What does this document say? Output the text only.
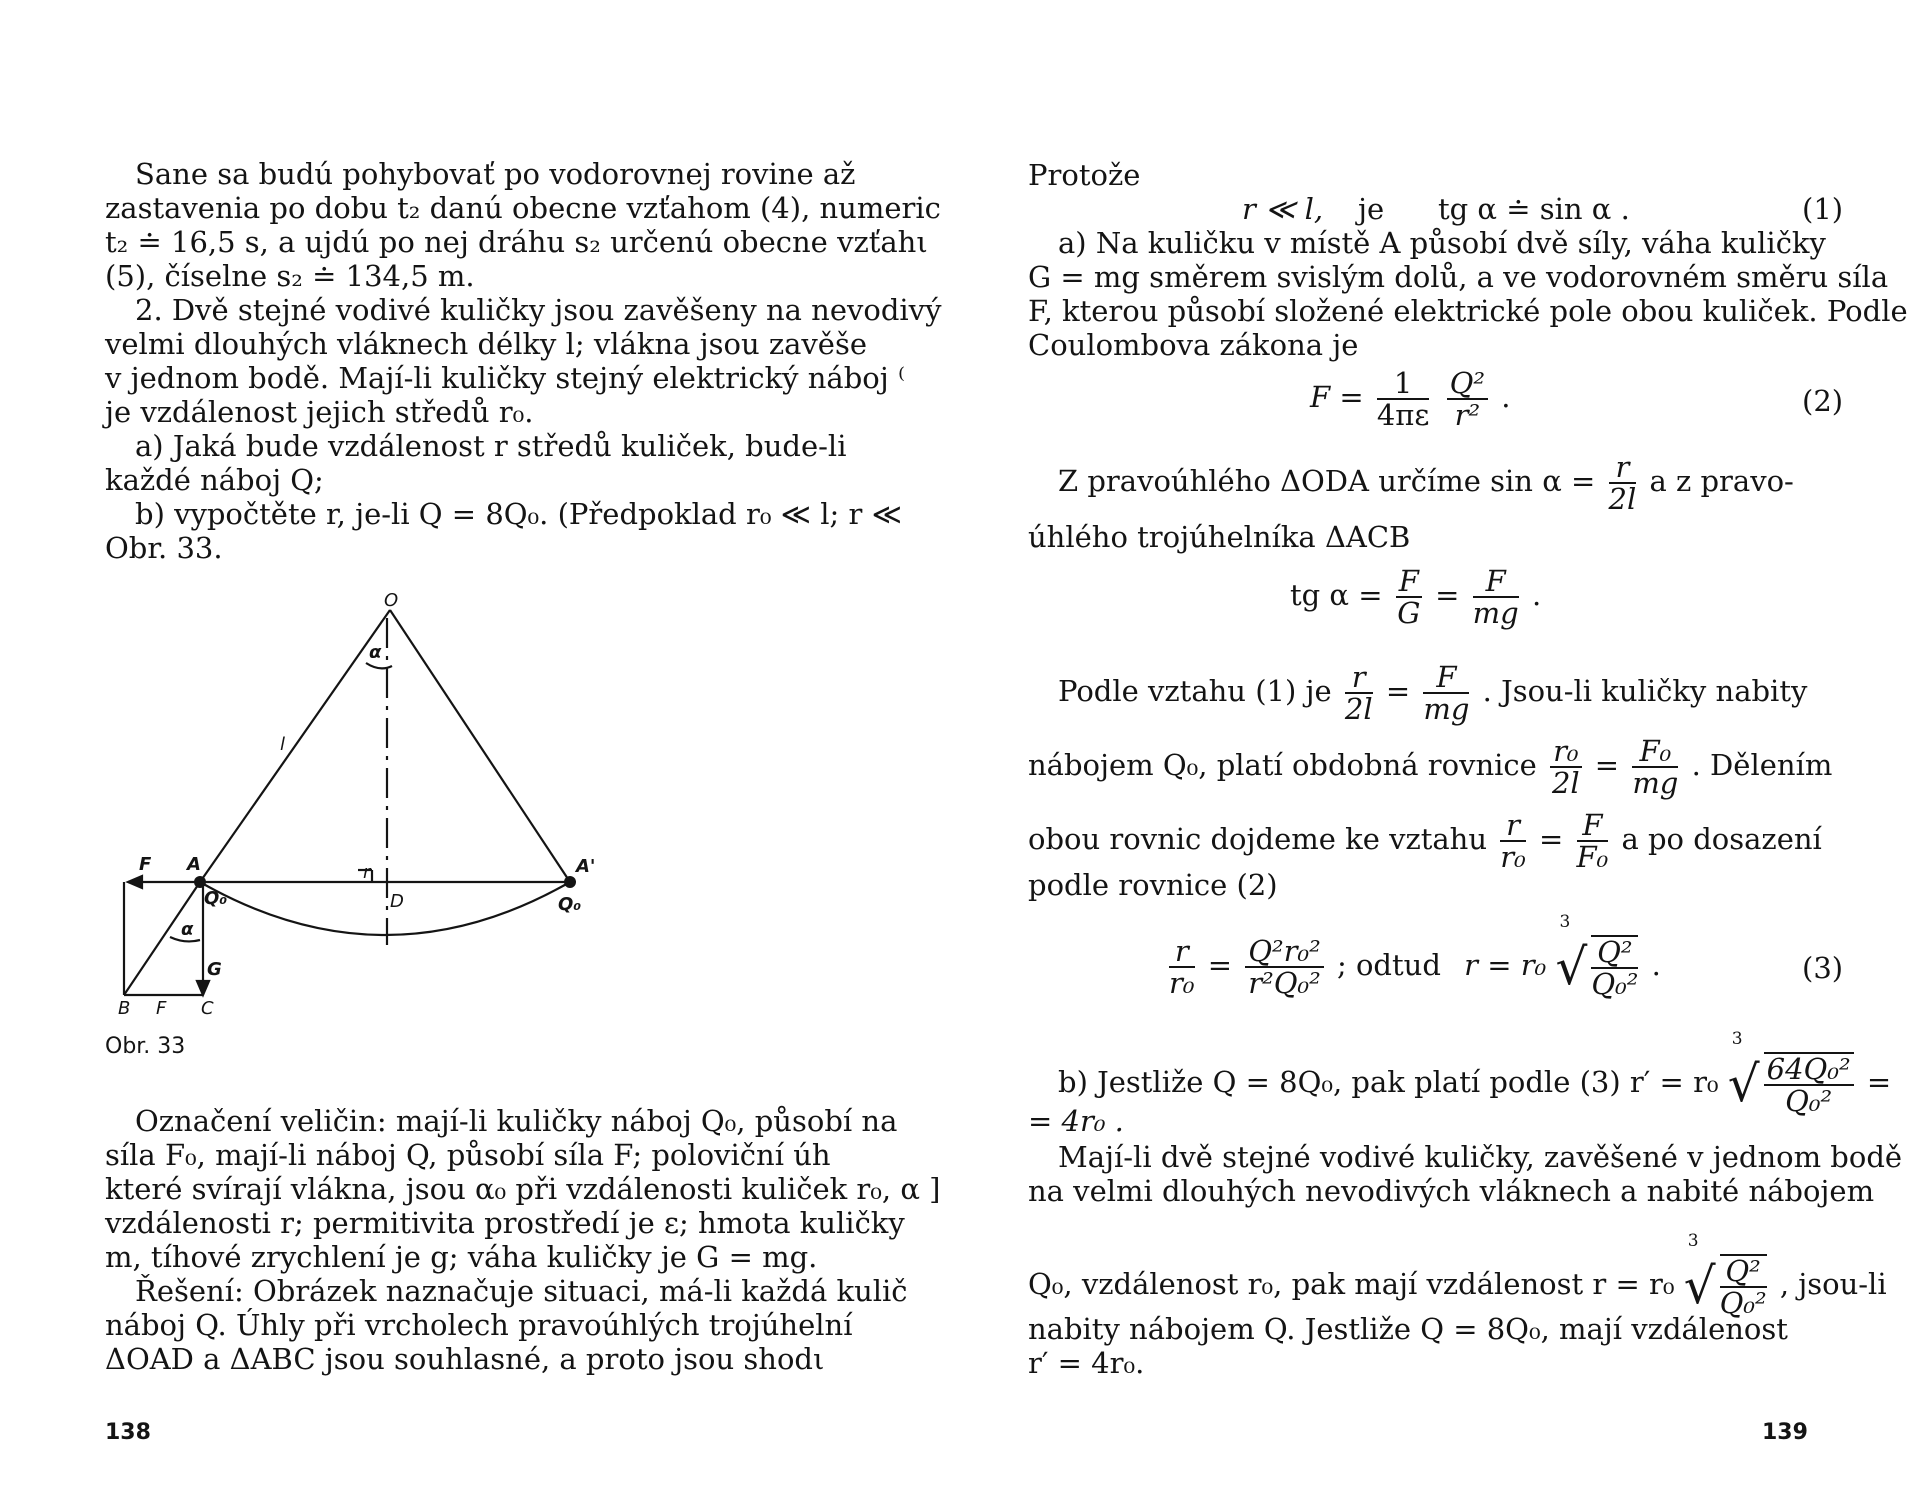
Sane sa budú pohybovať po vodorovnej rovine až
zastavenia po dobu t₂ danú obecne vzťahom (4), numeric
t₂ ≐ 16,5 s, a ujdú po nej dráhu s₂ určenú obecne vzťahι
(5), číselne s₂ ≐ 134,5 m.
2. Dvě stejné vodivé kuličky jsou zavěšeny na nevodivý
velmi dlouhých vláknech délky l; vlákna jsou zavěše
v jednom bodě. Mají-li kuličky stejný elektrický náboj ⁽
je vzdálenost jejich středů r₀.
a) Jaká bude vzdálenost r středů kuliček, bude-li
každé náboj Q;
b) vypočtěte r, je-li Q = 8Q₀. (Předpoklad r₀ ≪ l; r ≪
Obr. 33.
O
α
l
F A	A'
r
D
Q₀	Q₀
α
G
B F C
Obr. 33
Označení veličin: mají-li kuličky náboj Q₀, působí na
síla F₀, mají-li náboj Q, působí síla F; poloviční úh
které svírají vlákna, jsou α₀ při vzdálenosti kuliček r₀, α ]
vzdálenosti r; permitivita prostředí je ε; hmota kuličky
m, tíhové zrychlení je g; váha kuličky je G = mg.
Řešení: Obrázek naznačuje situaci, má-li každá kulič
náboj Q. Úhly při vrcholech pravoúhlých trojúhelní
ΔOAD a ΔABC jsou souhlasné, a proto jsou shodι
138
Protože
r ≪ l, je tg α ≐ sin α .	(1)
a) Na kuličku v místě A působí dvě síly, váha kuličky
G = mg směrem svislým dolů, a ve vodorovném směru síla
F, kterou působí složené elektrické pole obou kuliček. Podle
Coulombova zákona je
$F = \frac{1}{4\pi\varepsilon}$
$\frac{\text{Q²}}{\text{r²}}$ .	(2)
Z pravoúhlého ΔODA určíme $\sin \alpha = \frac{r}{2l}$ a z pravo-
úhlého trojúhelníka ΔACB
tg $\alpha = \frac{F}{G} = \frac{F}{mg}$ .
Podle vztahu (1) je $\frac{r}{2l} = \frac{F}{mg}$ . Jsou-li kuličky nabity
nábojem Q₀, platí obdobná rovnice $\frac{\text{r₀}}{2l} = \frac{\text{F₀}}{mg}$ . Dělením
obou rovnic dojdeme ke vztahu $\frac{r}{\text{r₀}} = \frac{F}{\text{F₀}}$ a po dosazení
podle rovnice (2)
$\frac{r}{\text{r₀}} = \frac{\text{Q²r₀²}}{\text{r²Q₀²}}$ ; odtud r = r₀
3
√ $\frac{\text{Q²}}{\text{Q₀²}}$ .	(3)
b) Jestliže Q = 8Q₀, pak platí podle (3) r′ = r₀
3
√ $\frac{\text{64Q₀²}}{\text{Q₀²}}$ =
= 4r₀ .
Mají-li dvě stejné vodivé kuličky, zavěšené v jednom bodě
na velmi dlouhých nevodivých vláknech a nabité nábojem
Q₀, vzdálenost r₀, pak mají vzdálenost r = r₀
3
√ $\frac{\text{Q²}}{\text{Q₀²}}$ , jsou-li
nabity nábojem Q. Jestliže Q = 8Q₀, mají vzdálenost
r′ = 4r₀.
139
